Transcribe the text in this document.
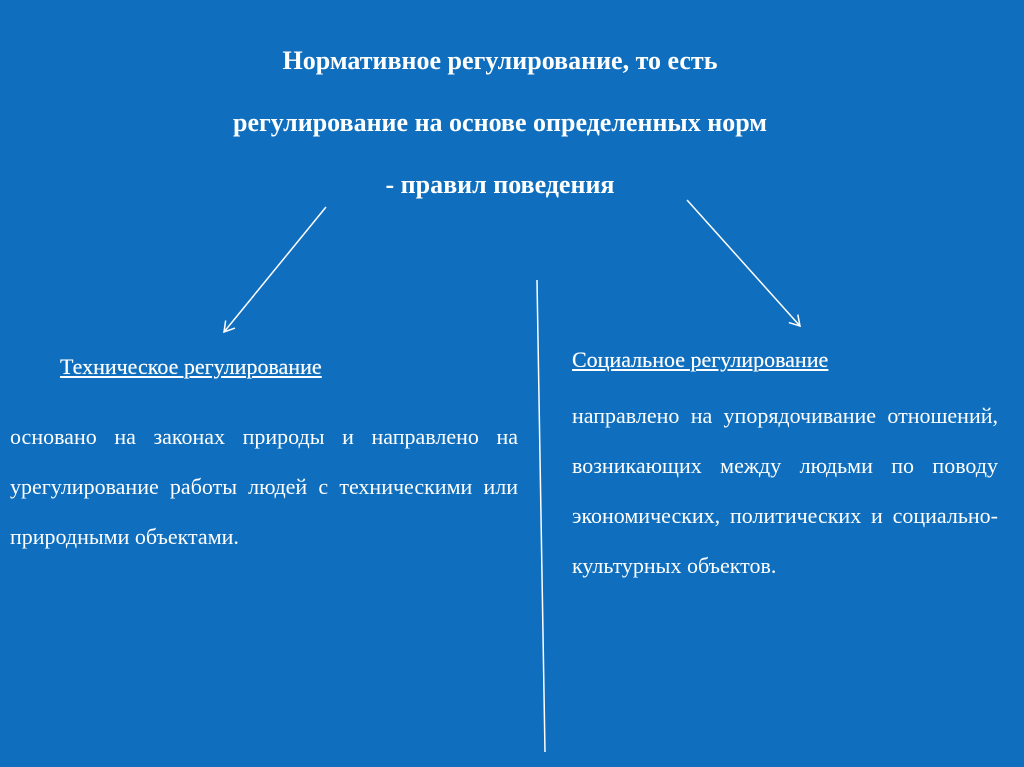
Нормативное регулирование, то есть
регулирование на основе определенных норм
- правил поведения
Техническое регулирование
основано на законах природы и направлено на урегулирование работы людей с техническими или природными объектами.
Социальное регулирование
направлено на упорядочивание отношений, возникающих между людьми по поводу экономических, политических и социально-культурных объектов.
